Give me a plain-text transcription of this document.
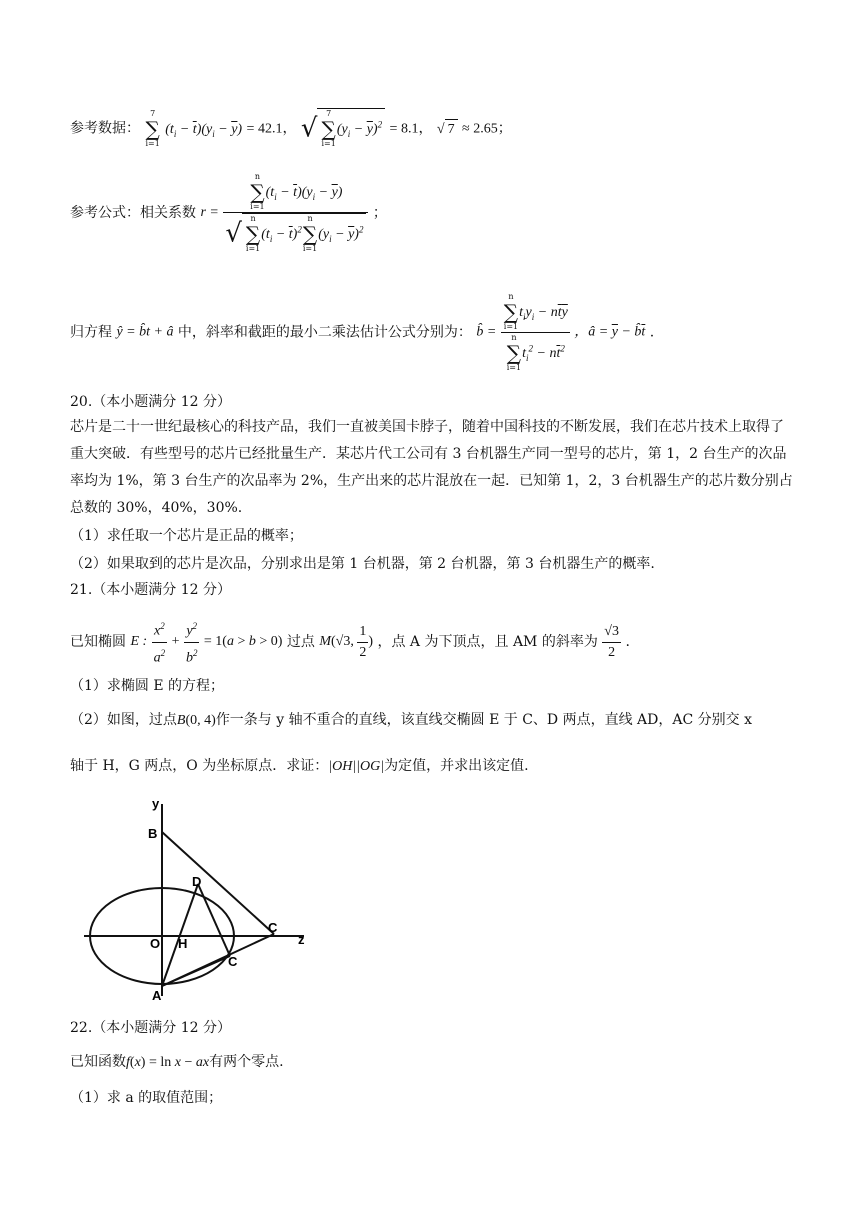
参考数据：
7
∑
i=1
$(t_i - \overline{t})(y_i - \overline{y}) = 42.1$， √	7
∑
i=1
$(y_i - \overline{y})^2 = 8.1$， √ 7 ≈ 2.65；
参考公式：相关系数 r = n
∑
i=1
$(t_i - \overline{t})(y_i - \overline{y})$
√	n
∑
i=1
$(t_i - \overline{t})^2$
n
∑
i=1
$(y_i - \overline{y})^2$ ；
归方程 ŷ = b̂t + â 中，斜率和截距的最小二乘法估计公式分别为： b̂ = n
∑
i=1
$t_iy_i - n\overline{t}\overline{y}$
n
∑
i=1
$t_i^2 - n\overline{t}^2$ ，â = $\overline{y}$ − $b̂\overline{t}$ .
20.（本小题满分 12 分）
芯片是二十一世纪最核心的科技产品，我们一直被美国卡脖子，随着中国科技的不断发展，我们在芯片技术上取得了重大突破．有些型号的芯片已经批量生产．某芯片代工公司有 3 台机器生产同一型号的芯片，第 1，2 台生产的次品率均为 1%，第 3 台生产的次品率为 2%，生产出来的芯片混放在一起．已知第 1，2，3 台机器生产的芯片数分别占总数的 30%，40%，30%.
（1）求任取一个芯片是正品的概率；
（2）如果取到的芯片是次品，分别求出是第 1 台机器，第 2 台机器，第 3 台机器生产的概率.
21.（本小题满分 12 分）
已知椭圆 E : $\frac{x^2}{a^2} + \frac{y^2}{b^2} = 1(a > b > 0)$ 过点 M(√3, $\frac{1}{2}$ ) ，点 A 为下顶点，且 AM 的斜率为 $\frac{√3}{2}$ .
（1）求椭圆 E 的方程；
（2）如图，过点B(0, 4)作一条与 y 轴不重合的直线，该直线交椭圆 E 于 C、D 两点，直线 AD，AC 分别交 x
轴于 H，G 两点，O 为坐标原点．求证：|OH||OG|为定值，并求出该定值.
y
B
D
O H
C
C
z
A
22.（本小题满分 12 分）
已知函数f(x) = ln x − ax有两个零点.
（1）求 a 的取值范围；
